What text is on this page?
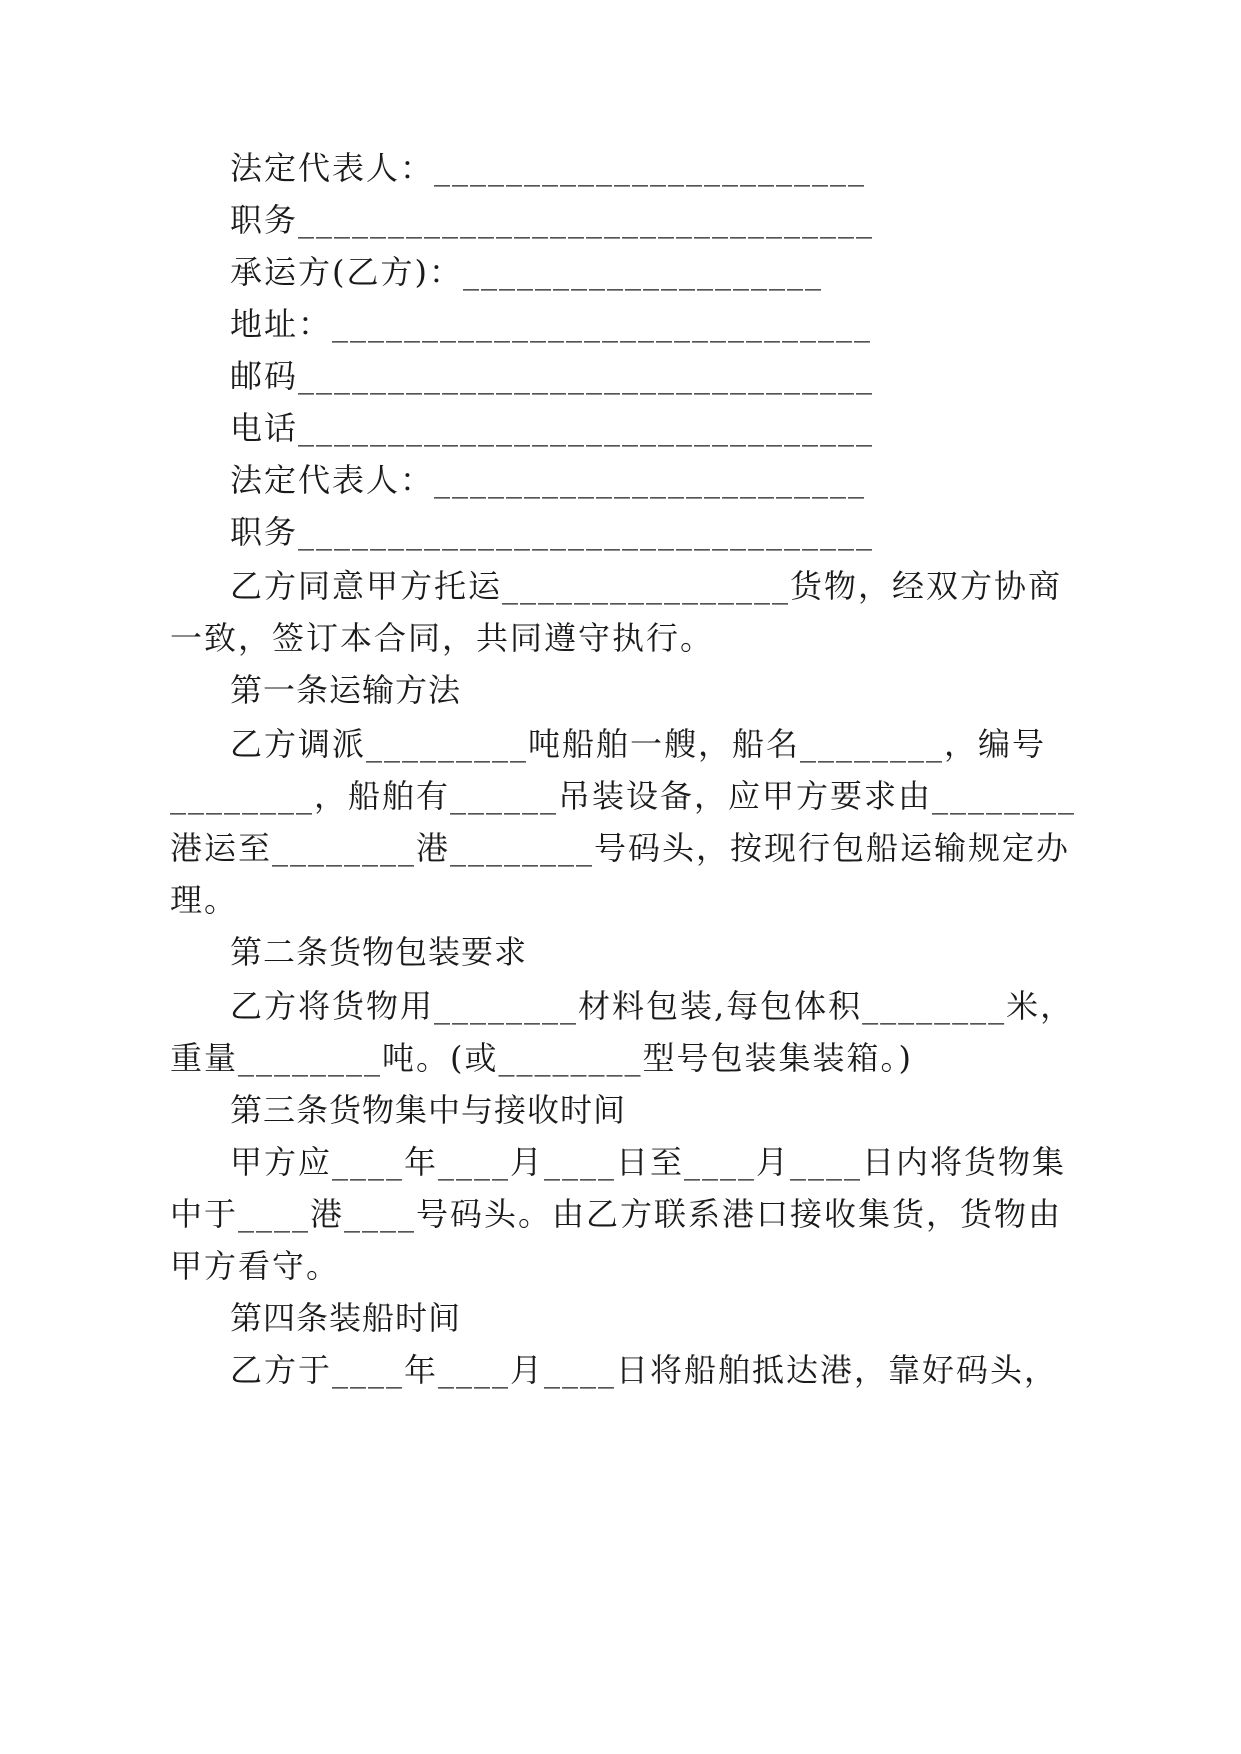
法定代表人：________________________
职务________________________________
承运方(乙方)：____________________
地址：______________________________
邮码________________________________
电话________________________________
法定代表人：________________________
职务________________________________
乙方同意甲方托运________________货物，经双方协商
一致，签订本合同，共同遵守执行。
第一条运输方法
乙方调派_________吨船舶一艘，船名________，编号
________，船舶有______吊装设备，应甲方要求由________
港运至________港________号码头，按现行包船运输规定办
理。
第二条货物包装要求
乙方将货物用________材料包装,每包体积________米，
重量________吨。(或________型号包装集装箱。)
第三条货物集中与接收时间
甲方应____年____月____日至____月____日内将货物集
中于____港____号码头。由乙方联系港口接收集货，货物由
甲方看守。
第四条装船时间
乙方于____年____月____日将船舶抵达港，靠好码头，
